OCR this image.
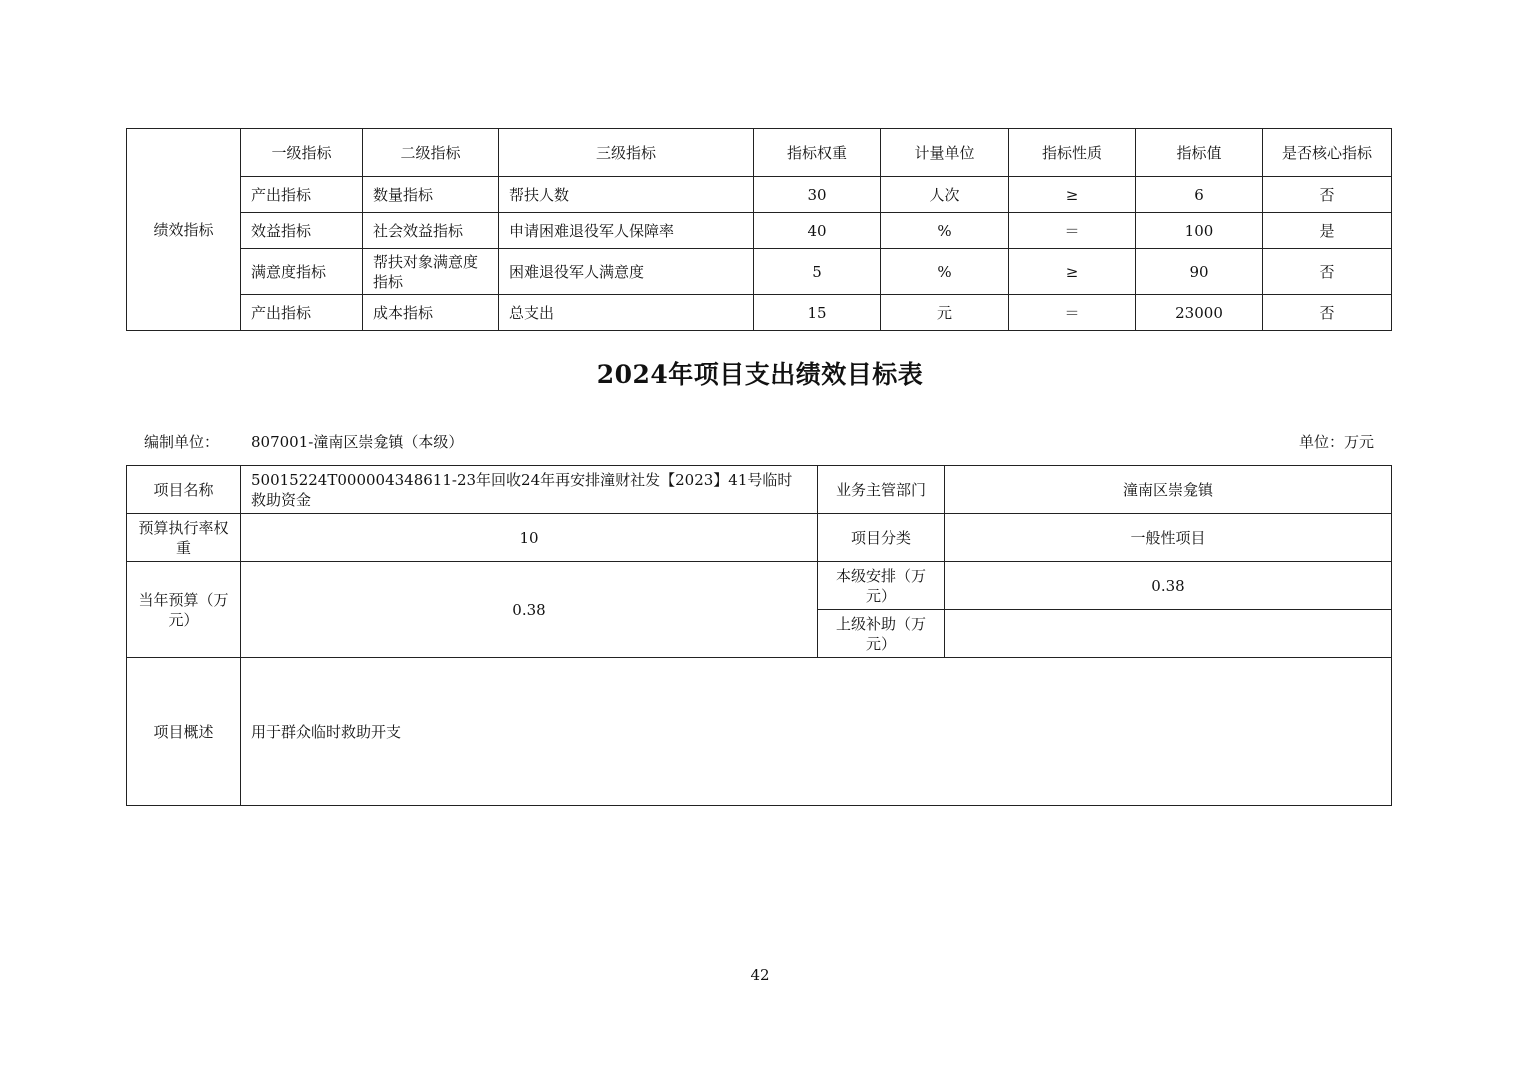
绩效指标	一级指标	二级指标	三级指标	指标权重	计量单位	指标性质	指标值	是否核心指标
	产出指标	数量指标	帮扶人数	30	人次	≥	6	否
	效益指标	社会效益指标	申请困难退役军人保障率	40	%	＝	100	是
	满意度指标	帮扶对象满意度指标	困难退役军人满意度	5	%	≥	90	否
	产出指标	成本指标	总支出	15	元	＝	23000	否
2024年项目支出绩效目标表
编制单位： 807001-潼南区崇龛镇（本级）	单位：万元
项目名称	50015224T000004348611-23年回收24年再安排潼财社发【2023】41号临时救助资金	业务主管部门	潼南区崇龛镇
预算执行率权重	10	项目分类	一般性项目
当年预算（万元）	0.38	本级安排（万元）	0.38
		上级补助（万元）	
项目概述	用于群众临时救助开支		
42
